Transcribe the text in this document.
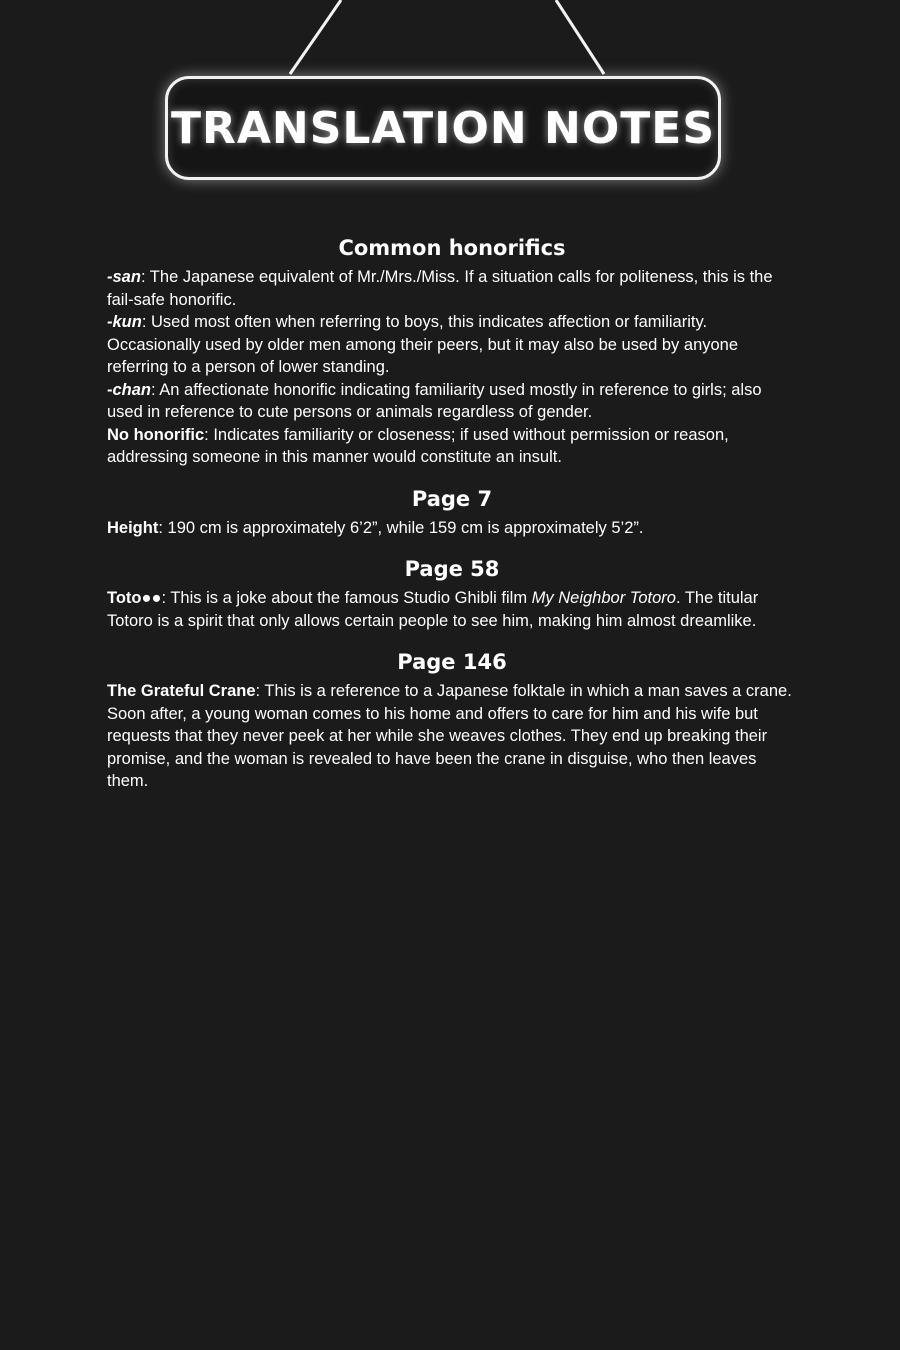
TRANSLATION NOTES
Common honorifics

-san: The Japanese equivalent of Mr./Mrs./Miss. If a situation calls for politeness, this is the fail-safe honorific.

-kun: Used most often when referring to boys, this indicates affection or familiarity. Occasionally used by older men among their peers, but it may also be used by anyone referring to a person of lower standing.

-chan: An affectionate honorific indicating familiarity used mostly in reference to girls; also used in reference to cute persons or animals regardless of gender.

No honorific: Indicates familiarity or closeness; if used without permission or reason, addressing someone in this manner would constitute an insult.

Page 7

Height: 190 cm is approximately 6’2”, while 159 cm is approximately 5’2”.

Page 58

Toto●●: This is a joke about the famous Studio Ghibli film My Neighbor Totoro. The titular Totoro is a spirit that only allows certain people to see him, making him almost dreamlike.

Page 146

The Grateful Crane: This is a reference to a Japanese folktale in which a man saves a crane. Soon after, a young woman comes to his home and offers to care for him and his wife but requests that they never peek at her while she weaves clothes. They end up breaking their promise, and the woman is revealed to have been the crane in disguise, who then leaves them.
